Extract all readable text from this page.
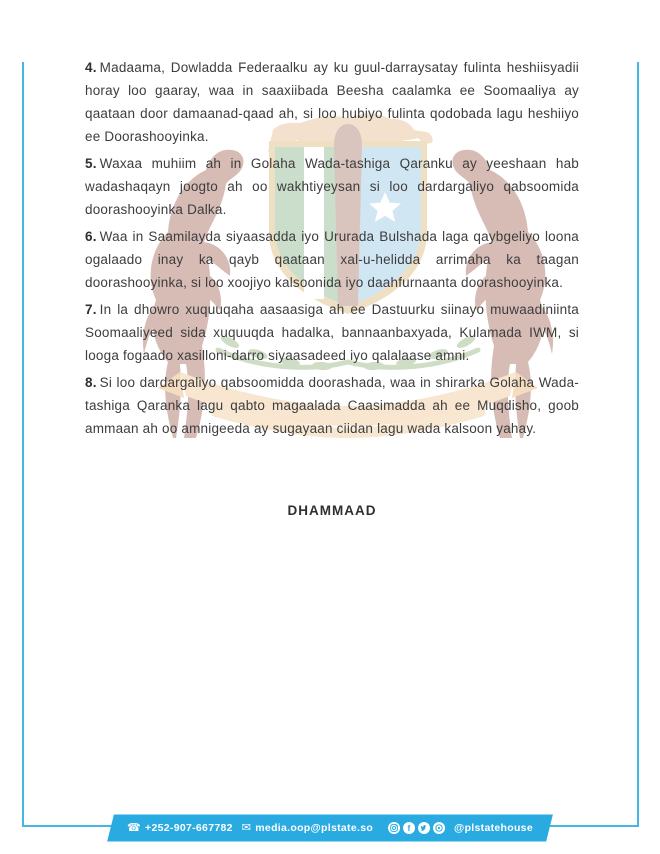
4. Madaama, Dowladda Federaalku ay ku guul-darraysatay fulinta heshiisyadii horay loo gaaray, waa in saaxiibada Beesha caalamka ee Soomaaliya ay qaataan door damaanad-qaad ah, si loo hubiyo fulinta qodobada lagu heshiiyo ee Doorashooyinka.

5. Waxaa muhiim ah in Golaha Wada-tashiga Qaranku ay yeeshaan hab wadashaqayn joogto ah oo wakhtiyeysan si loo dardargaliyo qabsoomida doorashooyinka Dalka.

6. Waa in Saamilayda siyaasadda iyo Ururada Bulshada laga qaybgeliyo loona ogalaado inay ka qayb qaataan xal-u-helidda arrimaha ka taagan doorashooyinka, si loo xoojiyo kalsoonida iyo daahfurnaanta doorashooyinka.

7. In la dhowro xuquuqaha aasaasiga ah ee Dastuurku siinayo muwaadiniinta Soomaaliyeed sida xuquuqda hadalka, bannaanbaxyada, Kulamada IWM, si looga fogaado xasilloni-darro siyaasadeed iyo qalalaase amni.

8. Si loo dardargaliyo qabsoomidda doorashada, waa in shirarka Golaha Wada-tashiga Qaranka lagu qabto magaalada Caasimadda ah ee Muqdisho, goob ammaan ah oo amnigeeda ay sugayaan ciidan lagu wada kalsoon yahay.

DHAMMAAD
☎ +252-907-667782 ✉ media.oop@plstate.so	f	@plstatehouse
